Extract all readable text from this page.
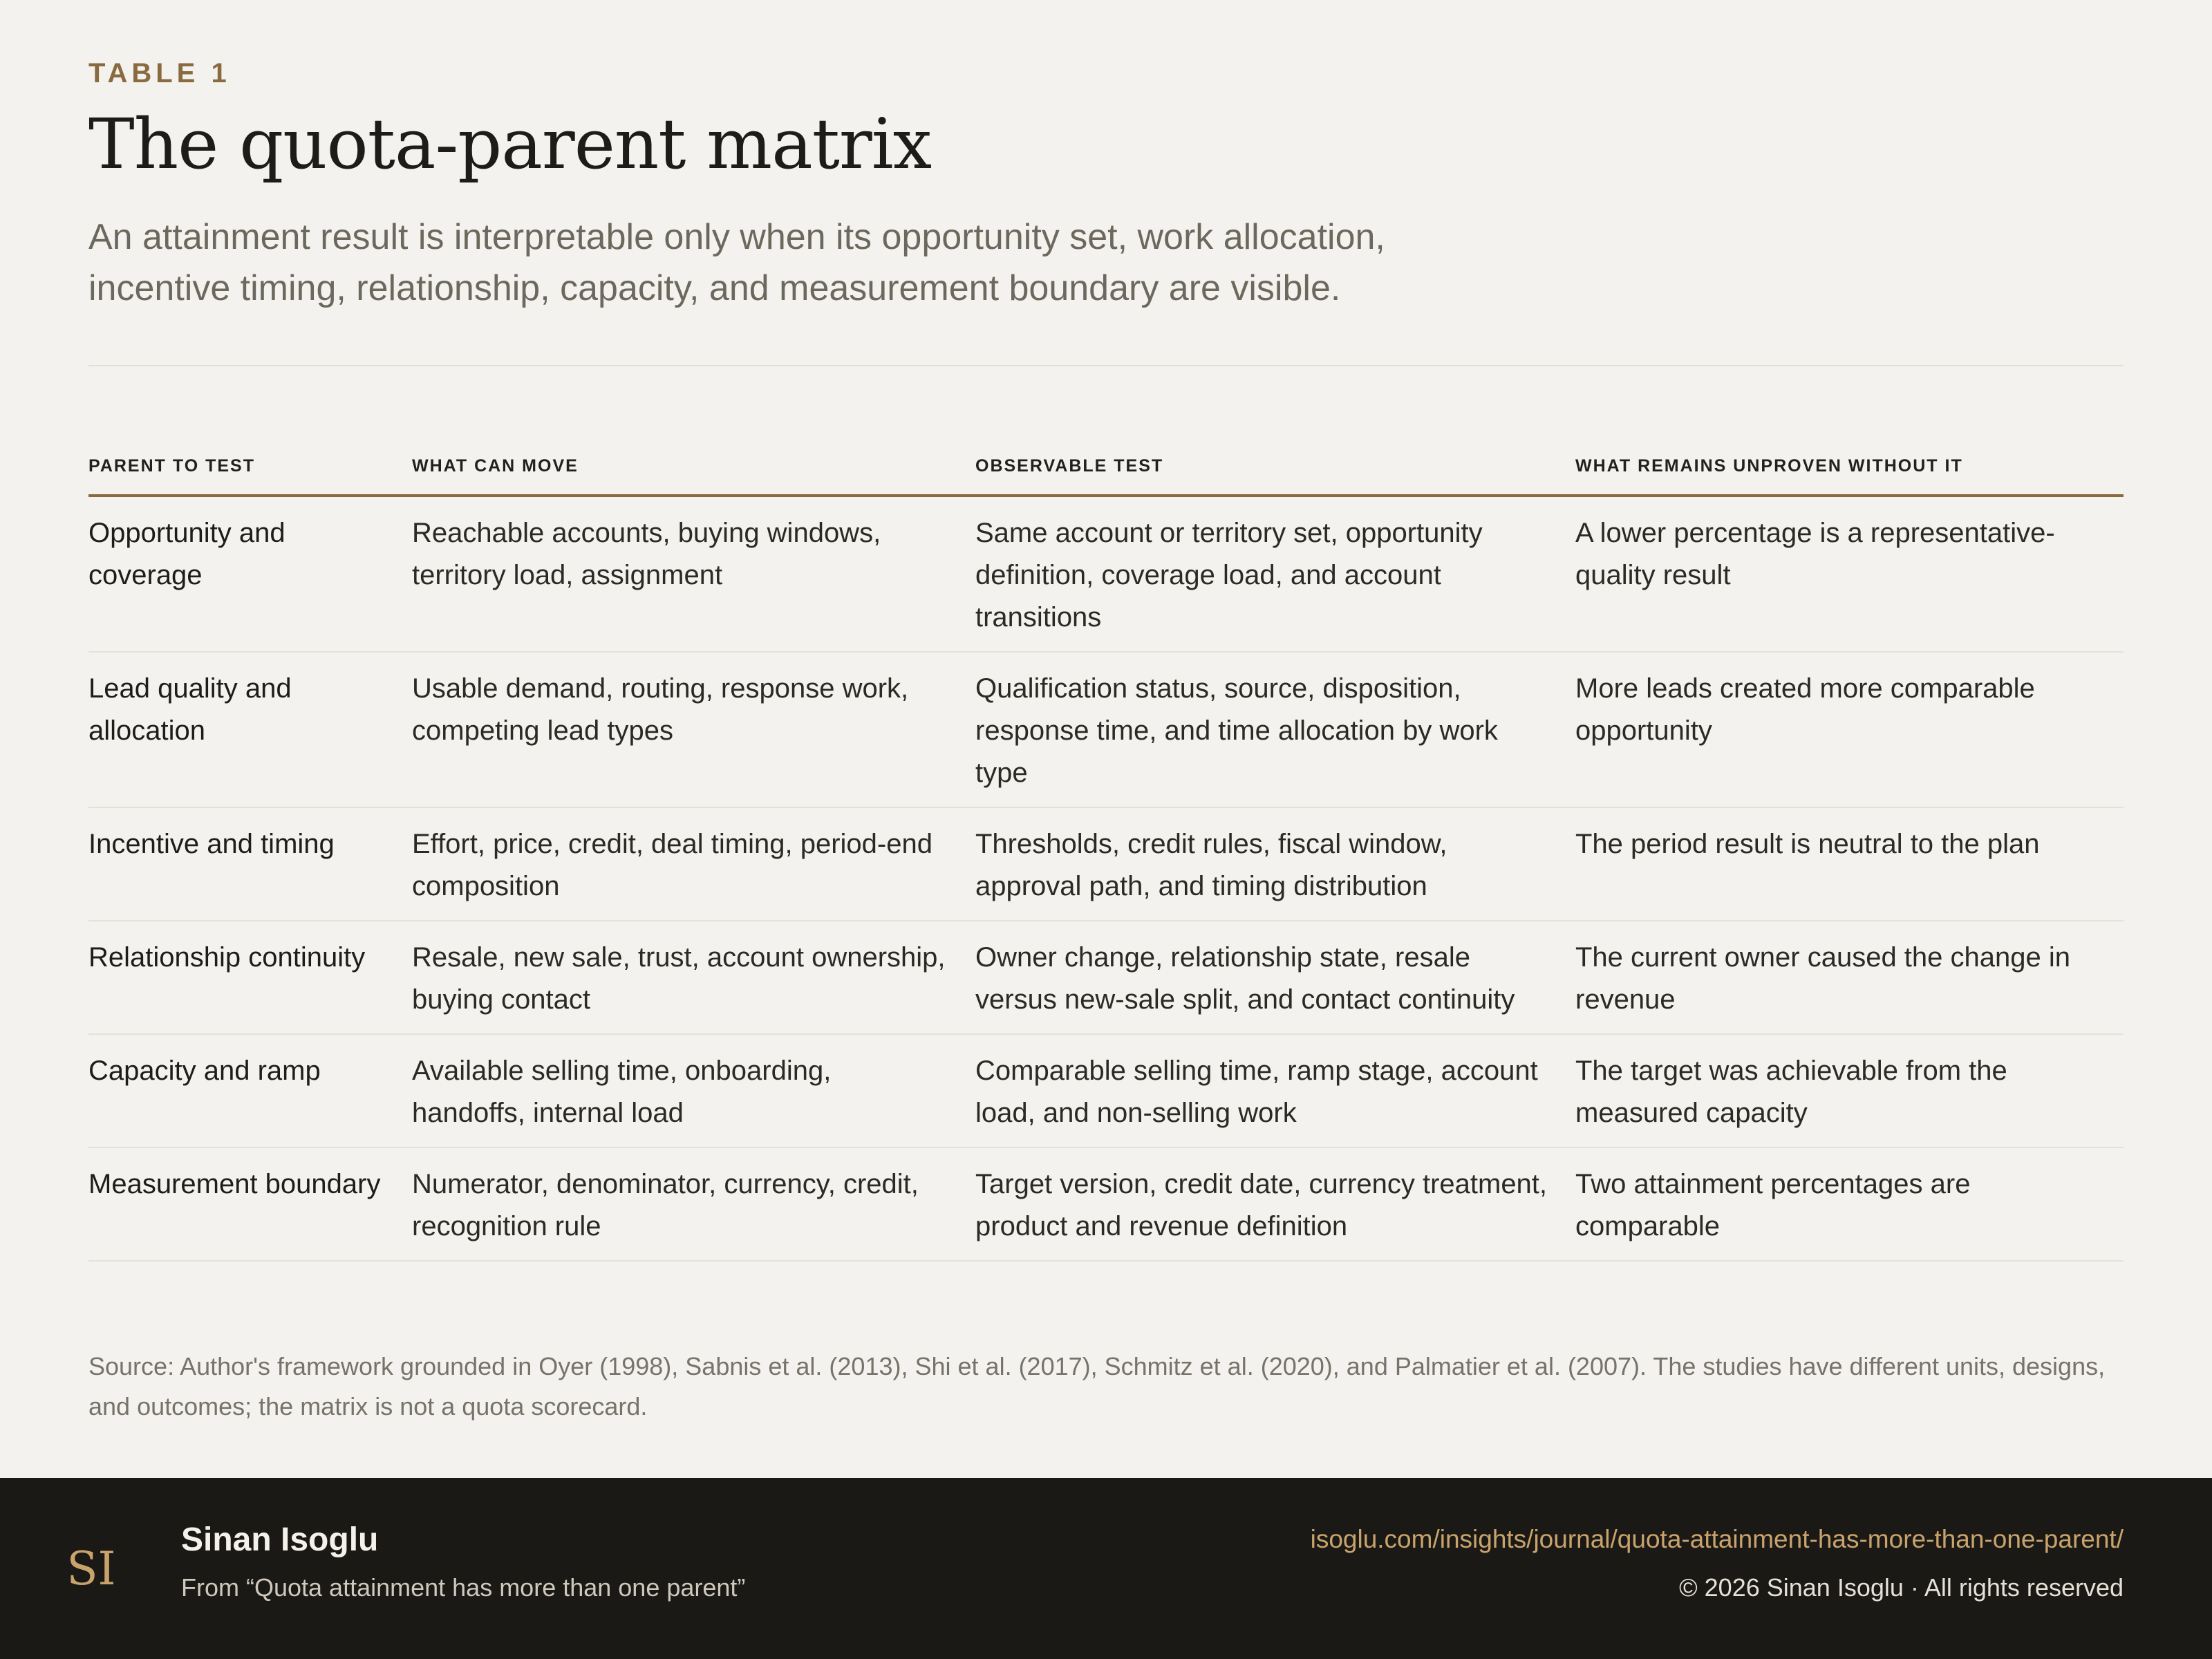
TABLE 1
The quota-parent matrix

An attainment result is interpretable only when its opportunity set, work allocation, incentive timing, relationship, capacity, and measurement boundary are visible.

PARENT TO TEST	WHAT CAN MOVE	OBSERVABLE TEST	WHAT REMAINS UNPROVEN WITHOUT IT
Opportunity and coverage	Reachable accounts, buying windows, territory load, assignment	Same account or territory set, opportunity definition, coverage load, and account transitions	A lower percentage is a representative-quality result
Lead quality and allocation	Usable demand, routing, response work, competing lead types	Qualification status, source, disposition, response time, and time allocation by work type	More leads created more comparable opportunity
Incentive and timing	Effort, price, credit, deal timing, period-end composition	Thresholds, credit rules, fiscal window, approval path, and timing distribution	The period result is neutral to the plan
Relationship continuity	Resale, new sale, trust, account ownership, buying contact	Owner change, relationship state, resale versus new-sale split, and contact continuity	The current owner caused the change in revenue
Capacity and ramp	Available selling time, onboarding, handoffs, internal load	Comparable selling time, ramp stage, account load, and non-selling work	The target was achievable from the measured capacity
Measurement boundary	Numerator, denominator, currency, credit, recognition rule	Target version, credit date, currency treatment, product and revenue definition	Two attainment percentages are comparable

Source: Author's framework grounded in Oyer (1998), Sabnis et al. (2013), Shi et al. (2017), Schmitz et al. (2020), and Palmatier et al. (2007). The studies have different units, designs, and outcomes; the matrix is not a quota scorecard.

SI
Sinan Isoglu
From “Quota attainment has more than one parent”
isoglu.com/insights/journal/quota-attainment-has-more-than-one-parent/
© 2026 Sinan Isoglu · All rights reserved
